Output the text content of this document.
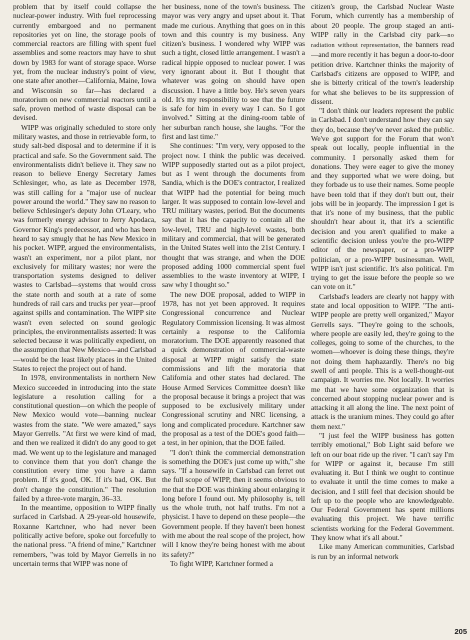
problem that by itself could collapse the nuclear-power industry. With fuel reprocessing currently embargoed and no permanent repositories yet on line, the storage pools of commercial reactors are filling with spent fuel assemblies and some reactors may have to shut down by 1983 for want of storage space. Worse yet, from the nuclear industry's point of view, one state after another—California, Maine, Iowa and Wisconsin so far—has declared a moratorium on new commercial reactors until a safe, proven method of waste disposal can be devised.

WIPP was originally scheduled to store only military wastes, and those in retrievable form, to study salt-bed disposal and to determine if it is practical and safe. So the Government said. The environmentalists didn't believe it. They saw no reason to believe Energy Secretary James Schlesinger, who, as late as December 1978, was still calling for a "major use of nuclear power around the world." They saw no reason to believe Schlesinger's deputy John O'Leary, who was formerly energy advisor to Jerry Apodaca, Governor King's predecessor, and who has been heard to say smugly that he has New Mexico in his pocket. WIPP, argued the environmentalists, wasn't an experiment, nor a pilot plant, nor exclusively for military wastes; nor were the transportation systems designed to deliver wastes to Carlsbad—systems that would cross the state north and south at a rate of some hundreds of rail cars and trucks per year—proof against spills and contamination. The WIPP site wasn't even selected on sound geologic principles, the environmentalists asserted: It was selected because it was politically expedient, on the assumption that New Mexico—and Carlsbad—would be the least likely places in the United States to reject the project out of hand.

In 1978, environmentalists in northern New Mexico succeeded in introducing into the state legislature a resolution calling for a constitutional question—on which the people of New Mexico would vote—banning nuclear wastes from the state. "We were amazed," says Mayor Gerrells. "At first we were kind of mad, and then we realized it didn't do any good to get mad. We went up to the legislature and managed to convince them that you don't change the constitution every time you have a damn problem. If it's good, OK. If it's bad, OK. But don't change the constitution." The resolution failed by a three-vote margin, 36–33.

In the meantime, opposition to WIPP finally surfaced in Carlsbad. A 29-year-old housewife, Roxanne Kartchner, who had never been politically active before, spoke out forcefully to the national press. "A friend of mine," Kartchner remembers, "was told by Mayor Gerrells in no uncertain terms that WIPP was none of

her business, none of the town's business. The mayor was very angry and upset about it. That made me curious. Anything that goes on in this town and this country is my business. Any citizen's business. I wondered why WIPP was such a tight, closed little arrangement. I wasn't a radical hippie opposed to nuclear power. I was very ignorant about it. But I thought that whatever was going on should have open discussion. I have a little boy. He's seven years old. It's my responsibility to see that the future is safe for him in every way I can. So I got involved." Sitting at the dining-room table of her suburban ranch house, she laughs. "For the first and last time."

She continues: "I'm very, very opposed to the project now. I think the public was deceived. WIPP supposedly started out as a pilot project, but as I went through the documents from Sandia, which is the DOE's contractor, I realized that WIPP had the potential for being much larger. It was supposed to contain low-level and TRU military wastes, period. But the documents say that it has the capacity to contain all the low-level, TRU and high-level wastes, both military and commercial, that will be generated in the United States well into the 21st Century. I thought that was strange, and when the DOE proposed adding 1000 commercial spent fuel assemblies to the waste inventory at WIPP, I saw why I thought so."

The new DOE proposal, added to WIPP in 1978, has not yet been approved. It requires Congressional concurrence and Nuclear Regulatory Commission licensing. It was almost certainly a response to the California moratorium. The DOE apparently reasoned that a quick demonstration of commercial-waste disposal at WIPP might satisfy the state commissions and lift the moratoria that California and other states had declared. The House Armed Services Committee doesn't like the proposal because it brings a project that was supposed to be exclusively military under Congressional scrutiny and NRC licensing, a long and complicated procedure. Kartchner saw the proposal as a test of the DOE's good faith—a test, in her opinion, that the DOE failed.

"I don't think the commercial demonstration is something the DOE's just come up with," she says. "If a housewife in Carlsbad can ferret out the full scope of WIPP, then it seems obvious to me that the DOE was thinking about enlarging it long before I found out. My philosophy is, tell us the whole truth, not half truths. I'm not a physicist. I have to depend on these people—the Government people. If they haven't been honest with me about the real scope of the project, how will I know they're being honest with me about its safety?"

To fight WIPP, Kartchner formed a

citizen's group, the Carlsbad Nuclear Waste Forum, which currently has a membership of about 20 people. The group staged an anti-WIPP rally in the Carlsbad city park—no radiation without representation, the banners read—and more recently it has begun a door-to-door petition drive. Kartchner thinks the majority of Carlsbad's citizens are opposed to WIPP, and she is bitterly critical of the town's leadership for what she believes to be its suppression of dissent.

"I don't think our leaders represent the public in Carlsbad. I don't understand how they can say they do, because they've never asked the public. We've got support for the Forum that won't speak out locally, people influential in the community. I personally asked them for donations. They were eager to give the money and they supported what we were doing, but they forbade us to use their names. Some people have been told that if they don't butt out, their jobs will be in jeopardy. The impression I get is that it's none of my business, that the public shouldn't hear about it, that it's a scientific decision and you aren't qualified to make a scientific decision unless you're the pro-WIPP editor of the newspaper, or a pro-WIPP politician, or a pro-WIPP businessman. Well, WIPP isn't just scientific. It's also political. I'm trying to get the issue before the people so we can vote on it."

Carlsbad's leaders are clearly not happy with state and local opposition to WIPP. "The anti-WIPP people are pretty well organized," Mayor Gerrells says. "They're going to the schools, where people are easily led, they're going to the colleges, going to some of the churches, to the women—whoever is doing these things, they're not doing them haphazardly. There's no big swell of anti people. This is a well-thought-out campaign. It worries me. Not locally. It worries me that we have some organization that is concerned about stopping nuclear power and is attacking it all along the line. The next point of attack is the uranium mines. They could go after them next."

"I just feel the WIPP business has gotten terribly emotional," Bob Light said before we left on our boat ride up the river. "I can't say I'm for WIPP or against it, because I'm still evaluating it. But I think we ought to continue to evaluate it until the time comes to make a decision, and I still feel that decision should be left up to the people who are knowledgeable. Our Federal Government has spent millions evaluating this project. We have terrific scientists working for the Federal Government. They know what it's all about."

Like many American communities, Carlsbad is run by an informal network

205
